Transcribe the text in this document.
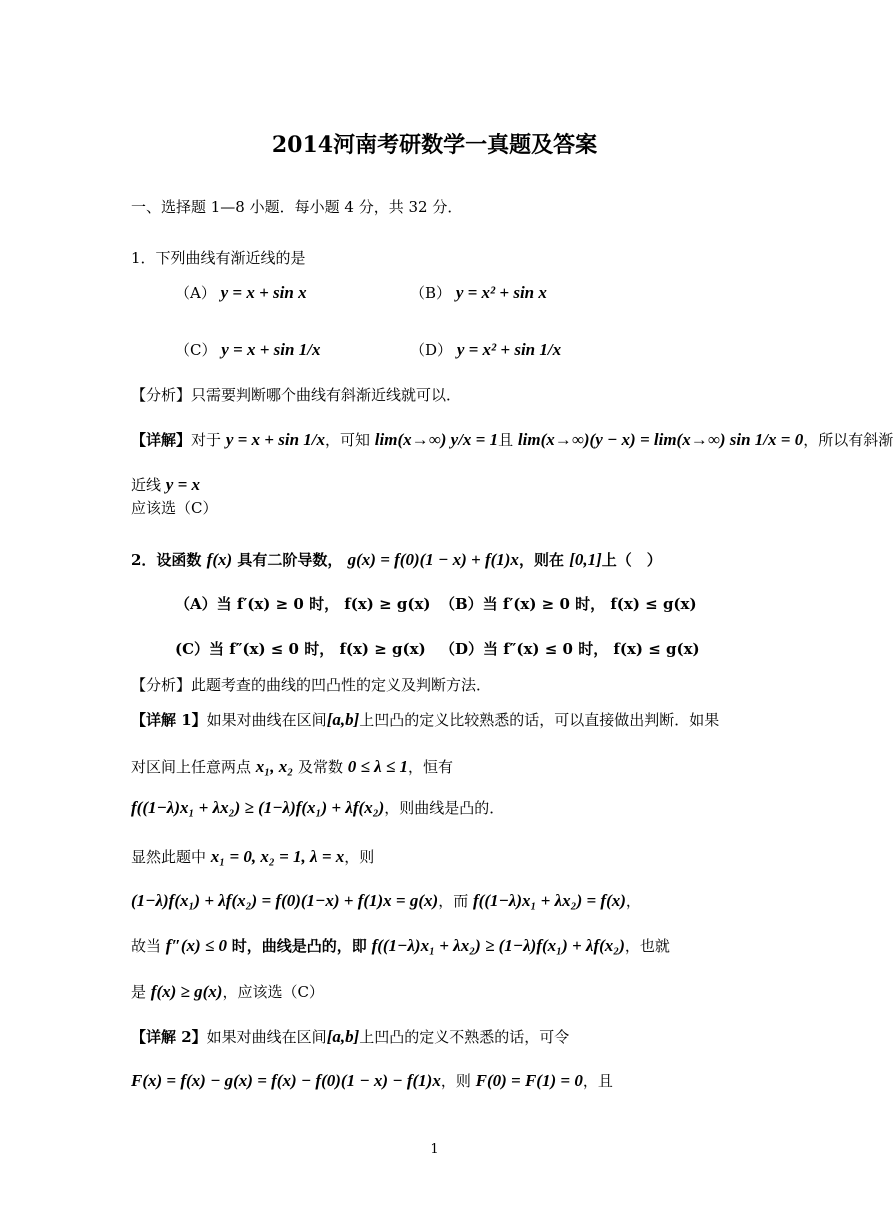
2014河南考研数学一真题及答案
一、选择题 1—8 小题．每小题 4 分，共 32 分．
1．下列曲线有渐近线的是
（A） y = x + sin x	（B） y = x² + sin x
（C） y = x + sin 1/x	（D） y = x² + sin 1/x
【分析】只需要判断哪个曲线有斜渐近线就可以．
【详解】对于 y = x + sin 1/x，可知 lim(x→∞) y/x = 1且 lim(x→∞)(y − x) = lim(x→∞) sin 1/x = 0，所以有斜渐
近线 y = x
应该选（C）
2．设函数 f(x) 具有二阶导数， g(x) = f(0)(1 − x) + f(1)x，则在 [0,1]上（　）
（A）当 f′(x) ≥ 0 时， f(x) ≥ g(x) （B）当 f′(x) ≥ 0 时， f(x) ≤ g(x)
(C）当 f″(x) ≤ 0 时， f(x) ≥ g(x) （D）当 f″(x) ≤ 0 时， f(x) ≤ g(x)
【分析】此题考查的曲线的凹凸性的定义及判断方法．
【详解 1】如果对曲线在区间[a,b]上凹凸的定义比较熟悉的话，可以直接做出判断．如果
对区间上任意两点 x₁, x₂ 及常数 0 ≤ λ ≤ 1，恒有
f((1−λ)x₁ + λx₂) ≥ (1−λ)f(x₁) + λf(x₂)，则曲线是凸的．
显然此题中 x₁ = 0, x₂ = 1, λ = x，则
(1−λ)f(x₁) + λf(x₂) = f(0)(1−x) + f(1)x = g(x)，而 f((1−λ)x₁ + λx₂) = f(x)，
故当 f″(x) ≤ 0 时，曲线是凸的，即 f((1−λ)x₁ + λx₂) ≥ (1−λ)f(x₁) + λf(x₂)，也就
是 f(x) ≥ g(x)，应该选（C）
【详解 2】如果对曲线在区间[a,b]上凹凸的定义不熟悉的话，可令
F(x) = f(x) − g(x) = f(x) − f(0)(1 − x) − f(1)x，则 F(0) = F(1) = 0，且
1
